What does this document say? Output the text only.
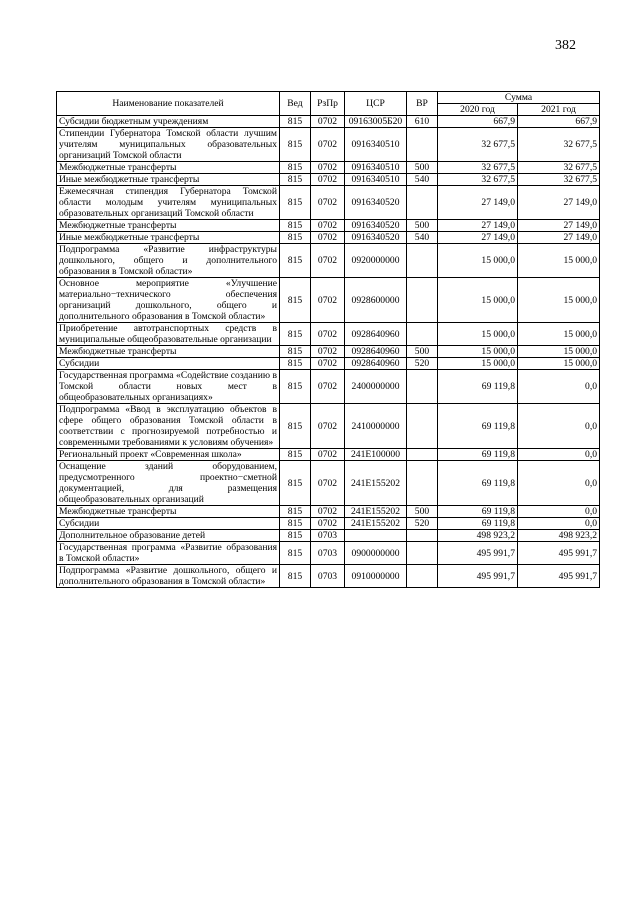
382
Наименование показателей	Вед	РзПр	ЦСР	ВР	Сумма	
					2020 год	2021 год
Субсидии бюджетным учреждениям	815	0702	09163005Б20	610	667,9	667,9
Стипендии Губернатора Томской области лучшим учителям муниципальных образовательных организаций Томской области	815	0702	0916340510		32 677,5	32 677,5
Межбюджетные трансферты	815	0702	0916340510	500	32 677,5	32 677,5
Иные межбюджетные трансферты	815	0702	0916340510	540	32 677,5	32 677,5
Ежемесячная стипендия Губернатора Томской области молодым учителям муниципальных образовательных организаций Томской области	815	0702	0916340520		27 149,0	27 149,0
Межбюджетные трансферты	815	0702	0916340520	500	27 149,0	27 149,0
Иные межбюджетные трансферты	815	0702	0916340520	540	27 149,0	27 149,0
Подпрограмма «Развитие инфраструктуры дошкольного, общего и дополнительного образования в Томской области»	815	0702	0920000000		15 000,0	15 000,0
Основное мероприятие «Улучшение материально−технического обеспечения организаций дошкольного, общего и дополнительного образования в Томской области»	815	0702	0928600000		15 000,0	15 000,0
Приобретение автотранспортных средств в муниципальные общеобразовательные организации	815	0702	0928640960		15 000,0	15 000,0
Межбюджетные трансферты	815	0702	0928640960	500	15 000,0	15 000,0
Субсидии	815	0702	0928640960	520	15 000,0	15 000,0
Государственная программа «Содействие созданию в Томской области новых мест в общеобразовательных организациях»	815	0702	2400000000		69 119,8	0,0
Подпрограмма «Ввод в эксплуатацию объектов в сфере общего образования Томской области в соответствии с прогнозируемой потребностью и современными требованиями к условиям обучения»	815	0702	2410000000		69 119,8	0,0
Региональный проект «Современная школа»	815	0702	241E100000		69 119,8	0,0
Оснащение зданий оборудованием, предусмотренного проектно−сметной документацией, для размещения общеобразовательных организаций	815	0702	241E155202		69 119,8	0,0
Межбюджетные трансферты	815	0702	241E155202	500	69 119,8	0,0
Субсидии	815	0702	241E155202	520	69 119,8	0,0
Дополнительное образование детей	815	0703			498 923,2	498 923,2
Государственная программа «Развитие образования в Томской области»	815	0703	0900000000		495 991,7	495 991,7
Подпрограмма «Развитие дошкольного, общего и дополнительного образования в Томской области»	815	0703	0910000000		495 991,7	495 991,7
